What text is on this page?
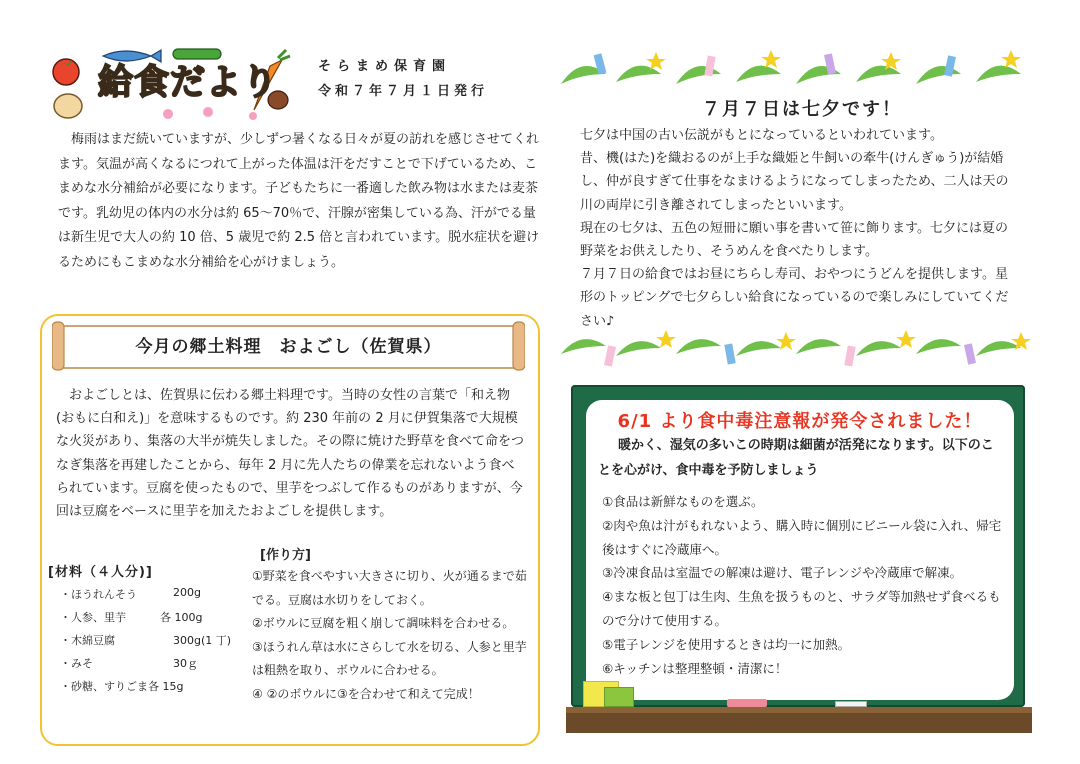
給食だより	そらまめ保育園
令和７年７月１日発行

梅雨はまだ続いていますが、少しずつ暑くなる日々が夏の訪れを感じさせてくれます。気温が高くなるにつれて上がった体温は汗をだすことで下げているため、こまめな水分補給が必要になります。子どもたちに一番適した飲み物は水または麦茶です。乳幼児の体内の水分は約 65～70％で、汗腺が密集している為、汗がでる量は新生児で大人の約 10 倍、5 歳児で約 2.5 倍と言われています。脱水症状を避けるためにもこまめな水分補給を心がけましょう。

今月の郷土料理　およごし（佐賀県）

およごしとは、佐賀県に伝わる郷土料理です。当時の女性の言葉で「和え物(おもに白和え)」を意味するものです。約 230 年前の 2 月に伊賀集落で大規模な火災があり、集落の大半が焼失しました。その際に焼けた野草を食べて命をつなぎ集落を再建したことから、毎年 2 月に先人たちの偉業を忘れないよう食べられています。豆腐を使ったもので、里芋をつぶして作るものがありますが、今回は豆腐をベースに里芋を加えたおよごしを提供します。

[材料（４人分)]
・ほうれんそう	200g
・人参、里芋	各 100g
・木綿豆腐	300g(1 丁)
・みそ	30ｇ
・砂糖、すりごま 各 15g
[作り方]
①野菜を食べやすい大きさに切り、火が通るまで茹でる。豆腐は水切りをしておく。
②ボウルに豆腐を粗く崩して調味料を合わせる。
③ほうれん草は水にさらして水を切る、人参と里芋は粗熱を取り、ボウルに合わせる。
④ ②のボウルに③を合わせて和えて完成！
７月７日は七夕です！
七夕は中国の古い伝説がもとになっているといわれています。
昔、機(はた)を織おるのが上手な織姫と牛飼いの牽牛(けんぎゅう)が結婚し、仲が良すぎて仕事をなまけるようになってしまったため、二人は天の川の両岸に引き離されてしまったといいます。
現在の七夕は、五色の短冊に願い事を書いて笹に飾ります。七夕には夏の野菜をお供えしたり、そうめんを食べたりします。
７月７日の給食ではお昼にちらし寿司、おやつにうどんを提供します。星形のトッピングで七夕らしい給食になっているので楽しみにしていてください♪
6/1 より食中毒注意報が発令されました！

暖かく、湿気の多いこの時期は細菌が活発になります。以下のことを心がけ、食中毒を予防しましょう

①食品は新鮮なものを選ぶ。
②肉や魚は汁がもれないよう、購入時に個別にビニール袋に入れ、帰宅後はすぐに冷蔵庫へ。
③冷凍食品は室温での解凍は避け、電子レンジや冷蔵庫で解凍。
④まな板と包丁は生肉、生魚を扱うものと、サラダ等加熱せず食べるもので分けて使用する。
⑤電子レンジを使用するときは均一に加熱。
⑥キッチンは整理整頓・清潔に！
